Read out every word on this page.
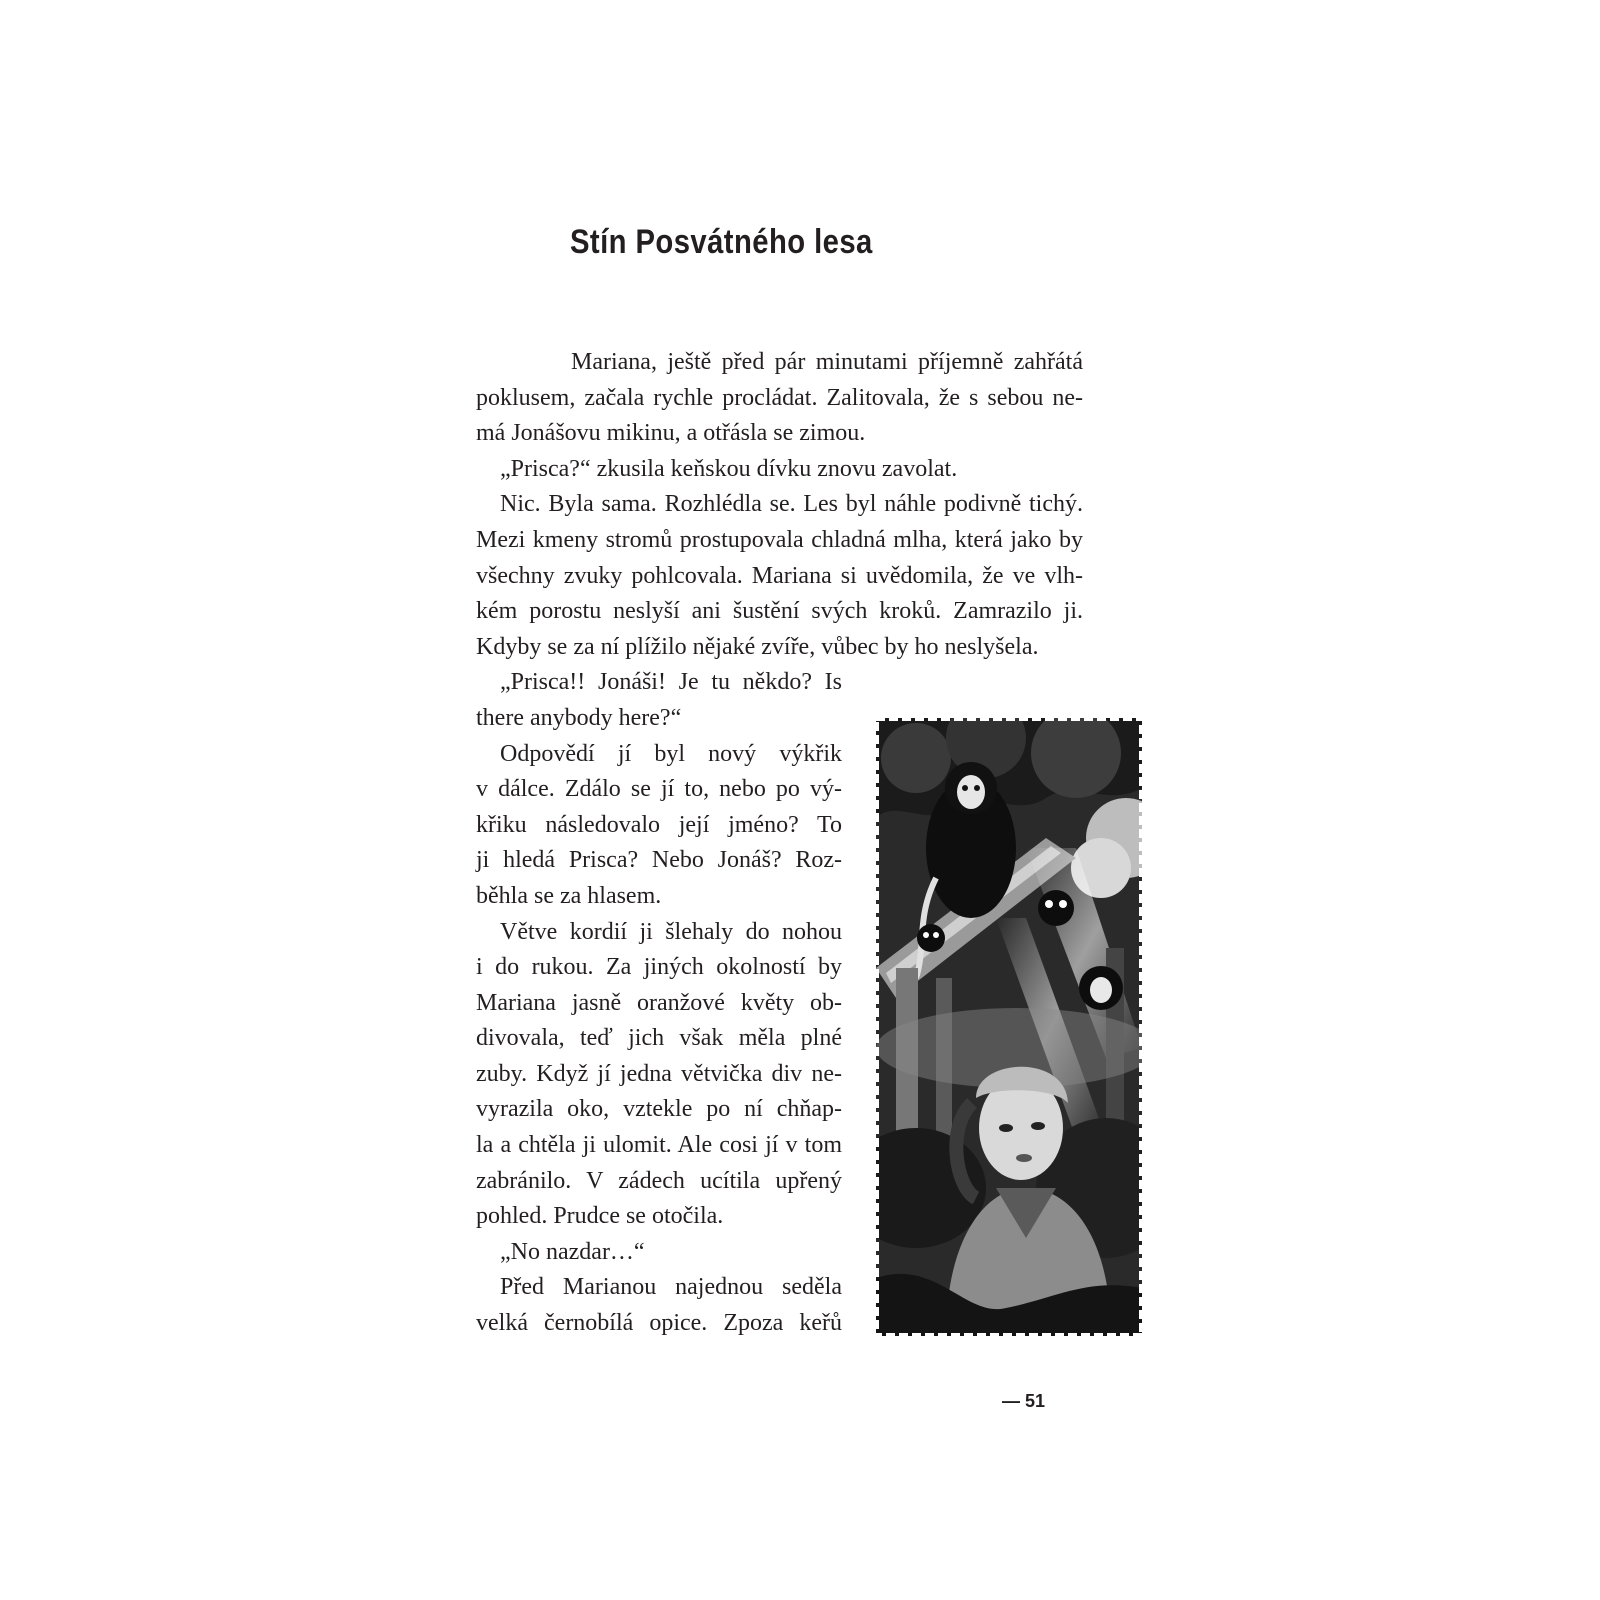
Stín Posvátného lesa
Mariana, ještě před pár minutami příjemně zahřátá
poklusem, začala rychle procládat. Zalitovala, že s sebou ne-
má Jonášovu mikinu, a otřásla se zimou.
„Prisca?“ zkusila keňskou dívku znovu zavolat.
Nic. Byla sama. Rozhlédla se. Les byl náhle podivně tichý.
Mezi kmeny stromů prostupovala chladná mlha, která jako by
všechny zvuky pohlcovala. Mariana si uvědomila, že ve vlh-
kém porostu neslyší ani šustění svých kroků. Zamrazilo ji.
Kdyby se za ní plížilo nějaké zvíře, vůbec by ho neslyšela.
„Prisca!! Jonáši! Je tu někdo? Is
there anybody here?“
Odpovědí jí byl nový výkřik
v dálce. Zdálo se jí to, nebo po vý-
křiku následovalo její jméno? To
ji hledá Prisca? Nebo Jonáš? Roz-
běhla se za hlasem.
Větve kordií ji šlehaly do nohou
i do rukou. Za jiných okolností by
Mariana jasně oranžové květy ob-
divovala, teď jich však měla plné
zuby. Když jí jedna větvička div ne-
vyrazila oko, vztekle po ní chňap-
la a chtěla ji ulomit. Ale cosi jí v tom
zabránilo. V zádech ucítila upřený
pohled. Prudce se otočila.
„No nazdar…“
Před Marianou najednou seděla
velká černobílá opice. Zpoza keřů
— 51
